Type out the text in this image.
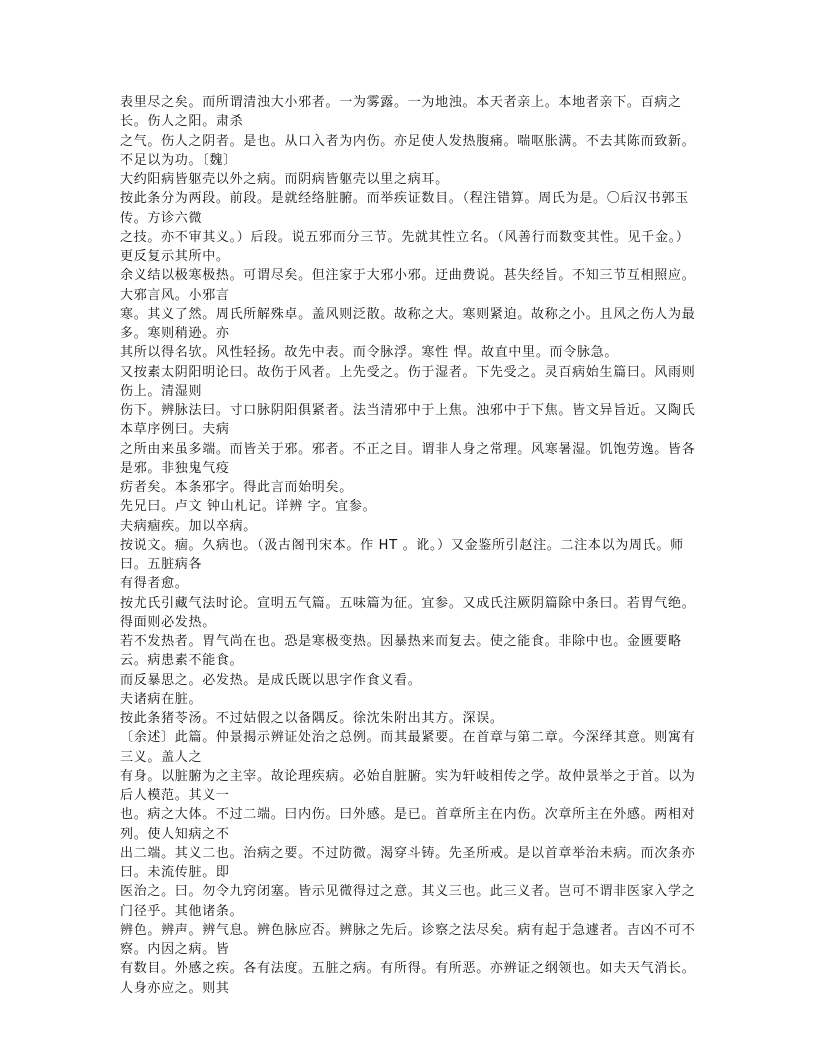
表里尽之矣。而所谓清浊大小邪者。一为雾露。一为地浊。本天者亲上。本地者亲下。百病之长。伤人之阳。肃杀
之气。伤人之阴者。是也。从口入者为内伤。亦足使人发热腹痛。喘呕胀满。不去其陈而致新。不足以为功。〔魏〕
大约阳病皆躯壳以外之病。而阴病皆躯壳以里之病耳。
按此条分为两段。前段。是就经络脏腑。而举疾证数目。（程注错算。周氏为是。〇后汉书郭玉传。方诊六微
之技。亦不审其义。）后段。说五邪而分三节。先就其性立名。（风善行而数变其性。见千金。）更反复示其所中。
余义结以极寒极热。可谓尽矣。但注家于大邪小邪。迂曲费说。甚失经旨。不知三节互相照应。大邪言风。小邪言
寒。其义了然。周氏所解殊卓。盖风则泛散。故称之大。寒则紧迫。故称之小。且风之伤人为最多。寒则稍逊。亦
其所以得名欤。风性轻扬。故先中表。而令脉浮。寒性 悍。故直中里。而令脉急。
又按素太阴阳明论曰。故伤于风者。上先受之。伤于湿者。下先受之。灵百病始生篇曰。风雨则伤上。清湿则
伤下。辨脉法曰。寸口脉阴阳俱紧者。法当清邪中于上焦。浊邪中于下焦。皆文异旨近。又陶氏本草序例曰。夫病
之所由来虽多端。而皆关于邪。邪者。不正之目。谓非人身之常理。风寒暑湿。饥饱劳逸。皆各是邪。非独鬼气疫
疠者矣。本条邪字。得此言而始明矣。
先兄曰。卢文 钟山札记。详辨 字。宜参。
夫病痼疾。加以卒病。
按说文。痼。久病也。（汲古阁刊宋本。作 HT 。讹。）又金鉴所引赵注。二注本以为周氏。师曰。五脏病各
有得者愈。
按尤氏引藏气法时论。宣明五气篇。五味篇为征。宜参。又成氏注厥阴篇除中条曰。若胃气绝。得面则必发热。
若不发热者。胃气尚在也。恐是寒极变热。因暴热来而复去。使之能食。非除中也。金匮要略云。病患素不能食。
而反暴思之。必发热。是成氏既以思字作食义看。
夫诸病在脏。
按此条猪苓汤。不过姑假之以备隅反。徐沈朱附出其方。深误。
〔余述〕此篇。仲景揭示辨证处治之总例。而其最紧要。在首章与第二章。今深绎其意。则寓有三义。盖人之
有身。以脏腑为之主宰。故论理疾病。必始自脏腑。实为轩岐相传之学。故仲景举之于首。以为后人模范。其义一
也。病之大体。不过二端。曰内伤。曰外感。是已。首章所主在内伤。次章所主在外感。两相对列。使人知病之不
出二端。其义二也。治病之要。不过防微。渴穿斗铸。先圣所戒。是以首章举治未病。而次条亦曰。未流传脏。即
医治之。曰。勿令九窍闭塞。皆示见微得过之意。其义三也。此三义者。岂可不谓非医家入学之门径乎。其他诸条。
辨色。辨声。辨气息。辨色脉应否。辨脉之先后。诊察之法尽矣。病有起于急遽者。吉凶不可不察。内因之病。皆
有数目。外感之疾。各有法度。五脏之病。有所得。有所恶。亦辨证之纲领也。如夫天气消长。人身亦应之。则其
